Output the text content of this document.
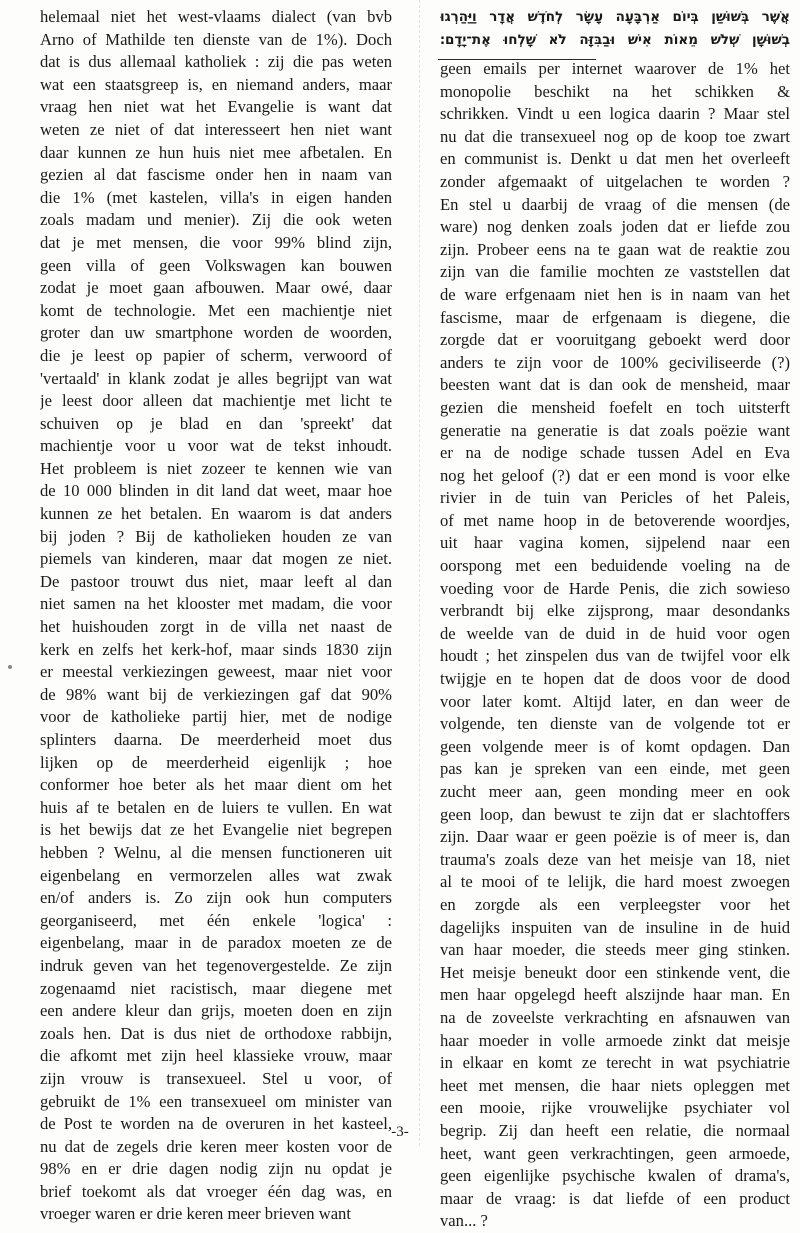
helemaal niet het west-vlaams dialect (van bvb
Arno of Mathilde ten dienste van de 1%). Doch
dat is dus allemaal katholiek : zij die pas weten
wat een staatsgreep is, en niemand anders, maar
vraag hen niet wat het Evangelie is want dat
weten ze niet of dat interesseert hen niet want
daar kunnen ze hun huis niet mee afbetalen. En
gezien al dat fascisme onder hen in naam van
die 1% (met kastelen, villa's in eigen handen
zoals madam und menier). Zij die ook weten
dat je met mensen, die voor 99% blind zijn,
geen villa of geen Volkswagen kan bouwen
zodat je moet gaan afbouwen. Maar owé, daar
komt de technologie. Met een machientje niet
groter dan uw smartphone worden de woorden,
die je leest op papier of scherm, verwoord of
'vertaald' in klank zodat je alles begrijpt van wat
je leest door alleen dat machientje met licht te
schuiven op je blad en dan 'spreekt' dat
machientje voor u voor wat de tekst inhoudt.
Het probleem is niet zozeer te kennen wie van
de 10 000 blinden in dit land dat weet, maar hoe
kunnen ze het betalen. En waarom is dat anders
bij joden ? Bij de katholieken houden ze van
piemels van kinderen, maar dat mogen ze niet.
De pastoor trouwt dus niet, maar leeft al dan
niet samen na het klooster met madam, die voor
het huishouden zorgt in de villa net naast de
kerk en zelfs het kerk-hof, maar sinds 1830 zijn
er meestal verkiezingen geweest, maar niet voor
de 98% want bij de verkiezingen gaf dat 90%
voor de katholieke partij hier, met de nodige
splinters daarna. De meerderheid moet dus
lijken op de meerderheid eigenlijk ; hoe
conformer hoe beter als het maar dient om het
huis af te betalen en de luiers te vullen. En wat
is het bewijs dat ze het Evangelie niet begrepen
hebben ? Welnu, al die mensen functioneren uit
eigenbelang en vermorzelen alles wat zwak
en/of anders is. Zo zijn ook hun computers
georganiseerd, met één enkele 'logica' :
eigenbelang, maar in de paradox moeten ze de
indruk geven van het tegenovergestelde. Ze zijn
zogenaamd niet racistisch, maar diegene met
een andere kleur dan grijs, moeten doen en zijn
zoals hen. Dat is dus niet de orthodoxe rabbijn,
die afkomt met zijn heel klassieke vrouw, maar
zijn vrouw is transexueel. Stel u voor, of
gebruikt de 1% een transexueel om minister van
de Post te worden na de overuren in het kasteel,
nu dat de zegels drie keren meer kosten voor de
98% en er drie dagen nodig zijn nu opdat je
brief toekomt als dat vroeger één dag was, en
vroeger waren er drie keren meer brieven want
אֲשֶׁר בְּשׁוּשַׁן בְּיוֹם אַרְבָּעָה עָשָׂר לְחֹדֶשׁ אֲדָר וַיַּהַרְגוּ
בְשׁוּשָׁן שְׁלֹשׁ מֵאוֹת אִישׁ וּבַבִּזָּה לֹא שָׁלְחוּ אֶת־יָדָם׃
geen emails per internet waarover de 1% het
monopolie beschikt na het schikken &
schrikken. Vindt u een logica daarin ? Maar stel
nu dat die transexueel nog op de koop toe zwart
en communist is. Denkt u dat men het overleeft
zonder afgemaakt of uitgelachen te worden ?
En stel u daarbij de vraag of die mensen (de
ware) nog denken zoals joden dat er liefde zou
zijn. Probeer eens na te gaan wat de reaktie zou
zijn van die familie mochten ze vaststellen dat
de ware erfgenaam niet hen is in naam van het
fascisme, maar de erfgenaam is diegene, die
zorgde dat er vooruitgang geboekt werd door
anders te zijn voor de 100% geciviliseerde (?)
beesten want dat is dan ook de mensheid, maar
gezien die mensheid foefelt en toch uitsterft
generatie na generatie is dat zoals poëzie want
er na de nodige schade tussen Adel en Eva
nog het geloof (?) dat er een mond is voor elke
rivier in de tuin van Pericles of het Paleis,
of met name hoop in de betoverende woordjes,
uit haar vagina komen, sijpelend naar een
oorspong met een beduidende voeling na de
voeding voor de Harde Penis, die zich sowieso
verbrandt bij elke zijsprong, maar desondanks
de weelde van de duid in de huid voor ogen
houdt ; het zinspelen dus van de twijfel voor elk
twijgje en te hopen dat de doos voor de dood
voor later komt. Altijd later, en dan weer de
volgende, ten dienste van de volgende tot er
geen volgende meer is of komt opdagen. Dan
pas kan je spreken van een einde, met geen
zucht meer aan, geen monding meer en ook
geen loop, dan bewust te zijn dat er slachtoffers
zijn. Daar waar er geen poëzie is of meer is, dan
trauma's zoals deze van het meisje van 18, niet
al te mooi of te lelijk, die hard moest zwoegen
en zorgde als een verpleegster voor het
dagelijks inspuiten van de insuline in de huid
van haar moeder, die steeds meer ging stinken.
Het meisje beneukt door een stinkende vent, die
men haar opgelegd heeft alszijnde haar man. En
na de zoveelste verkrachting en afsnauwen van
haar moeder in volle armoede zinkt dat meisje
in elkaar en komt ze terecht in wat psychiatrie
heet met mensen, die haar niets opleggen met
een mooie, rijke vrouwelijke psychiater vol
begrip. Zij dan heeft een relatie, die normaal
heet, want geen verkrachtingen, geen armoede,
geen eigenlijke psychische kwalen of drama's,
maar de vraag: is dat liefde of een product
van... ?
-3-
